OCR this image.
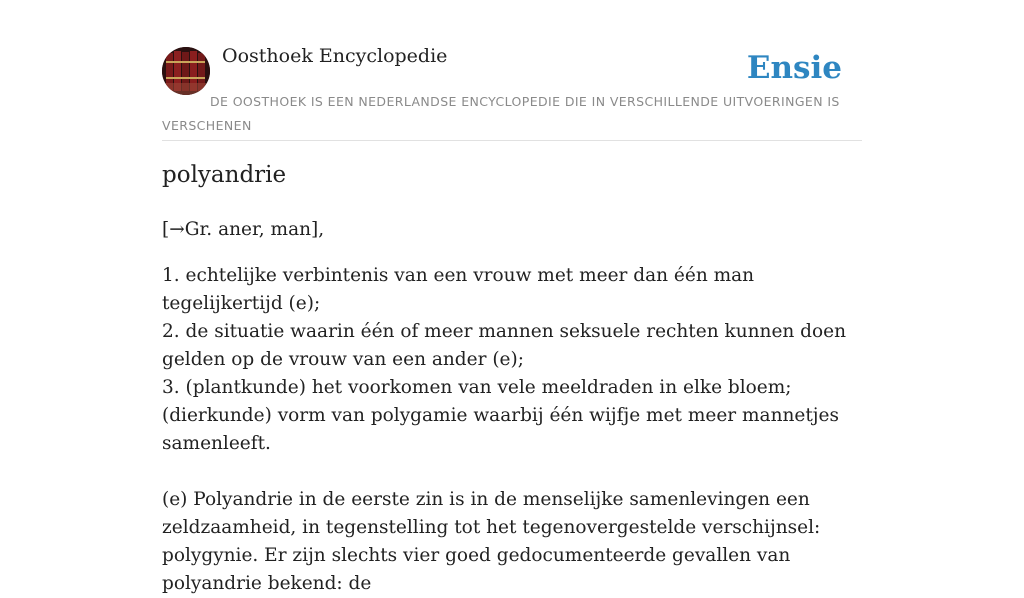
Oosthoek Encyclopedie	Ensie
DE OOSTHOEK IS EEN NEDERLANDSE ENCYCLOPEDIE DIE IN VERSCHILLENDE UITVOERINGEN IS VERSCHENEN
polyandrie

[→Gr. aner, man],

1. echtelijke verbintenis van een vrouw met meer dan één man tegelijkertijd (e);

2. de situatie waarin één of meer mannen seksuele rechten kunnen doen gelden op de vrouw van een ander (e);

3. (plantkunde) het voorkomen van vele meeldraden in elke bloem; (dierkunde) vorm van polygamie waarbij één wijfje met meer mannetjes samenleeft.

(e) Polyandrie in de eerste zin is in de menselijke samenlevingen een zeldzaamheid, in tegenstelling tot het tegenovergestelde verschijnsel: polygynie. Er zijn slechts vier goed gedocumenteerde gevallen van polyandrie bekend: de
